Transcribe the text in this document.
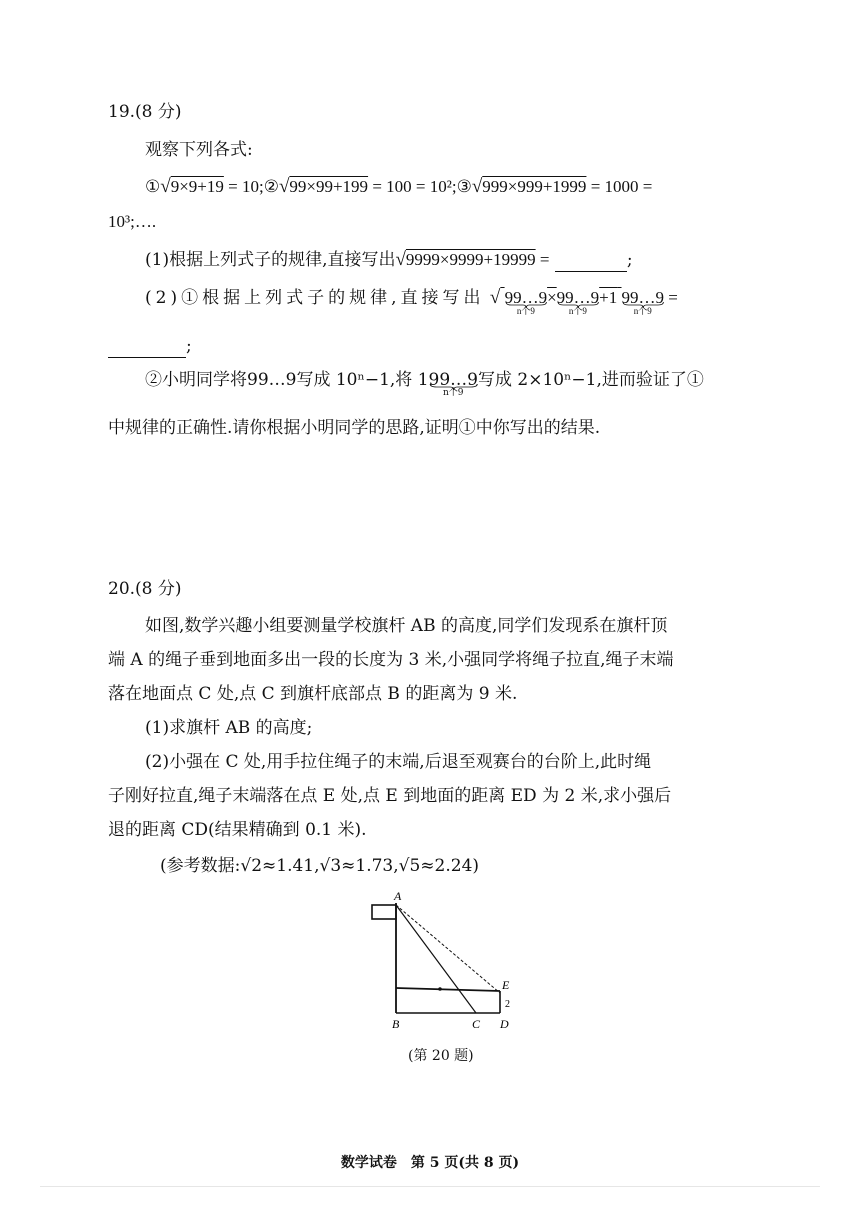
19.(8 分)
观察下列各式:
①√9×9+19 = 10;②√99×99+199 = 100 = 10²;③√999×999+1999 = 1000 =
10³;….
(1)根据上列式子的规律,直接写出√9999×9999+19999 =	;
(2)①根据上列式子的规律,直接写出 √ 99…9
n个9
×99…9
n个9
+1 99…9
n个9
=
;
②小明同学将99…9写成 10ⁿ−1,将 199…9
n个9
写成 2×10ⁿ−1,进而验证了①
中规律的正确性.请你根据小明同学的思路,证明①中你写出的结果.
20.(8 分)
如图,数学兴趣小组要测量学校旗杆 AB 的高度,同学们发现系在旗杆顶
端 A 的绳子垂到地面多出一段的长度为 3 米,小强同学将绳子拉直,绳子末端
落在地面点 C 处,点 C 到旗杆底部点 B 的距离为 9 米.
(1)求旗杆 AB 的高度;
(2)小强在 C 处,用手拉住绳子的末端,后退至观赛台的台阶上,此时绳
子刚好拉直,绳子末端落在点 E 处,点 E 到地面的距离 ED 为 2 米,求小强后
退的距离 CD(结果精确到 0.1 米).
(参考数据:√2≈1.41,√3≈1.73,√5≈2.24)
A
B	C D
E
2
(第 20 题)
数学试卷　第 5 页(共 8 页)
